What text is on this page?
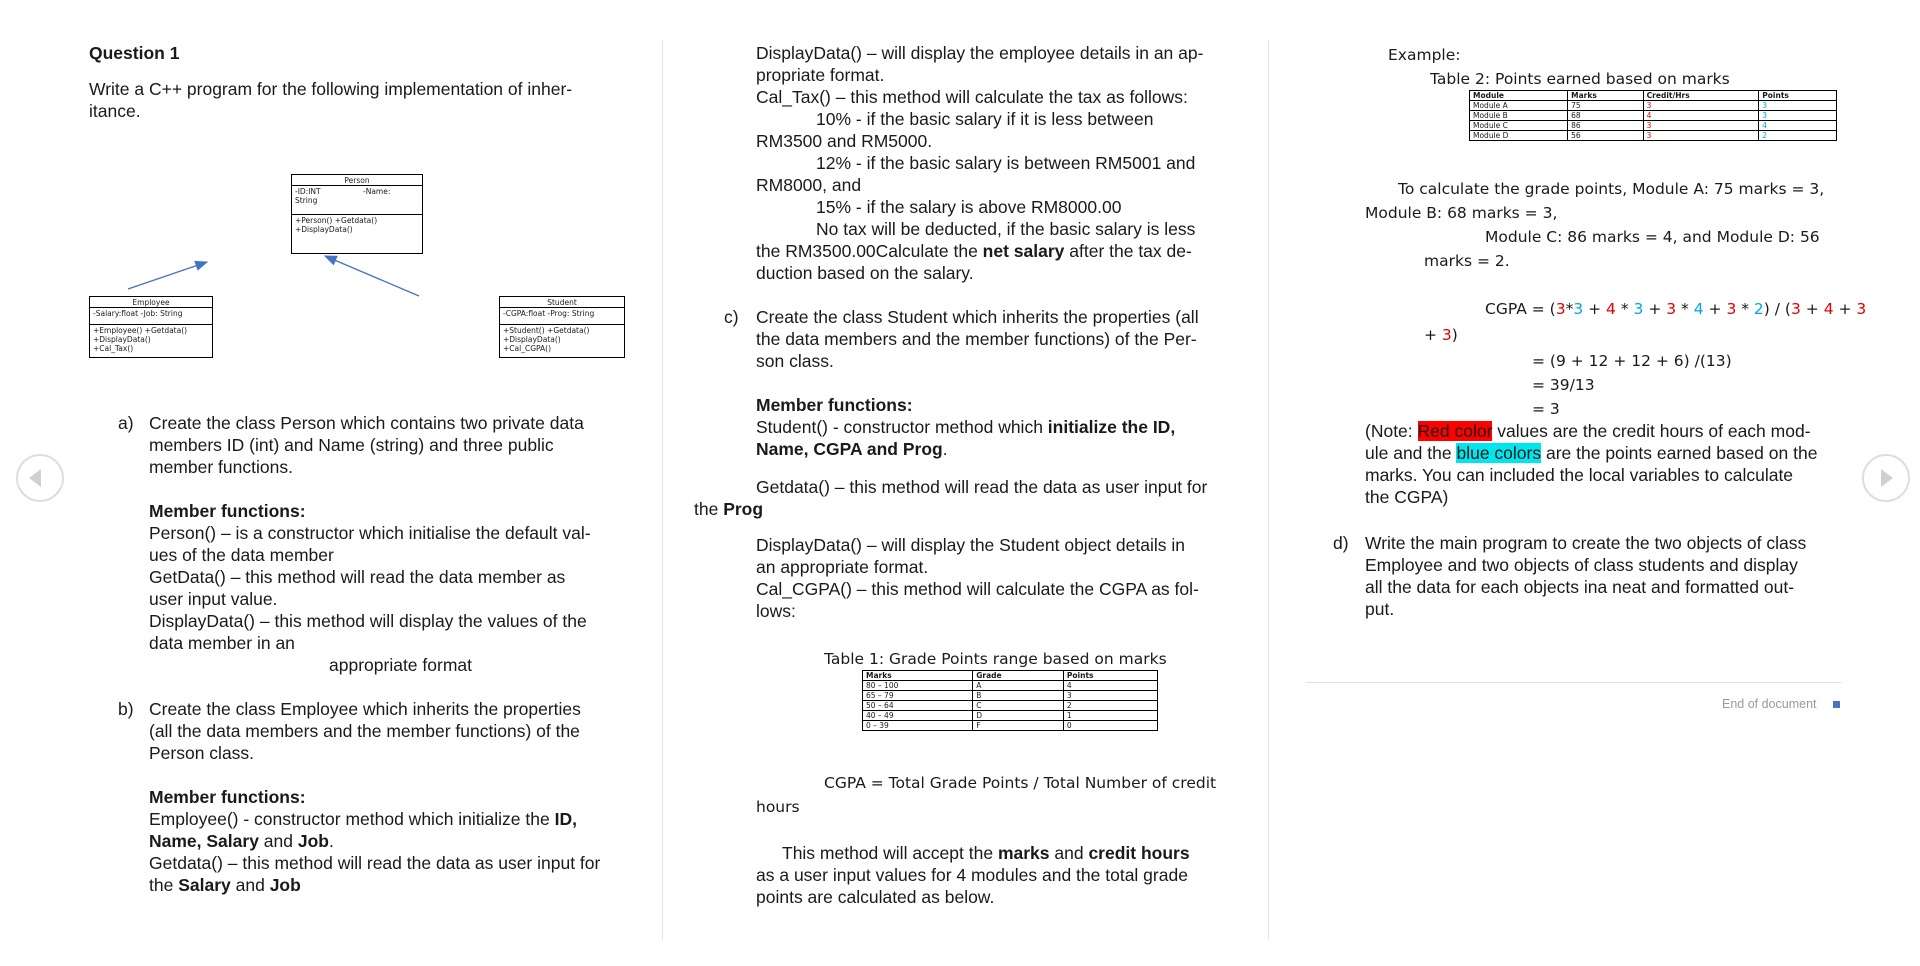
Question 1

Write a C++ program for the following implementation of inher-

itance.

Person
-ID:INT	-Name:
String
+Person() +Getdata()
+DisplayData()
Employee
-Salary:float -Job: String
+Employee() +Getdata()
+DisplayData()
+Cal_Tax()
Student
-CGPA:float -Prog: String
+Student() +Getdata()
+DisplayData()
+Cal_CGPA()

a) Create the class Person which contains two private data

members ID (int) and Name (string) and three public

member functions.

Member functions:

Person() – is a constructor which initialise the default val-

ues of the data member

GetData() – this method will read the data member as

user input value.

DisplayData() – this method will display the values of the

data member in an

appropriate format

b) Create the class Employee which inherits the properties

(all the data members and the member functions) of the

Person class.

Member functions:

Employee() - constructor method which initialize the ID,

Name, Salary and Job.

Getdata() – this method will read the data as user input for

the Salary and Job

DisplayData() – will display the employee details in an ap-

propriate format.

Cal_Tax() – this method will calculate the tax as follows:

10% - if the basic salary if it is less between

RM3500 and RM5000.

12% - if the basic salary is between RM5001 and

RM8000, and

15% - if the salary is above RM8000.00

No tax will be deducted, if the basic salary is less

the RM3500.00Calculate the net salary after the tax de-

duction based on the salary.

c) Create the class Student which inherits the properties (all

the data members and the member functions) of the Per-

son class.

Member functions:

Student() - constructor method which initialize the ID,

Name, CGPA and Prog.

Getdata() – this method will read the data as user input for

the Prog

DisplayData() – will display the Student object details in

an appropriate format.

Cal_CGPA() – this method will calculate the CGPA as fol-

lows:

Table 1: Grade Points range based on marks

Marks	Grade	Points
80 – 100	A	4
65 – 79	B	3
50 – 64	C	2
40 – 49	D	1
0 – 39	F	0

CGPA = Total Grade Points / Total Number of credit

hours

This method will accept the marks and credit hours

as a user input values for 4 modules and the total grade

points are calculated as below.

Example:

Table 2: Points earned based on marks

Module	Marks	Credit/Hrs	Points
Module A	75	3	3
Module B	68	4	3
Module C	86	3	4
Module D	56	3	2

To calculate the grade points, Module A: 75 marks = 3,

Module B: 68 marks = 3,

Module C: 86 marks = 4, and Module D: 56

marks = 2.

CGPA = (3*3 + 4 * 3 + 3 * 4 + 3 * 2) / (3 + 4 + 3

+ 3)

= (9 + 12 + 12 + 6) /(13)

= 39/13

= 3

(Note: Red color values are the credit hours of each mod-

ule and the blue colors are the points earned based on the

marks. You can included the local variables to calculate

the CGPA)

d) Write the main program to create the two objects of class

Employee and two objects of class students and display

all the data for each objects ina neat and formatted out-

put.

End of document
